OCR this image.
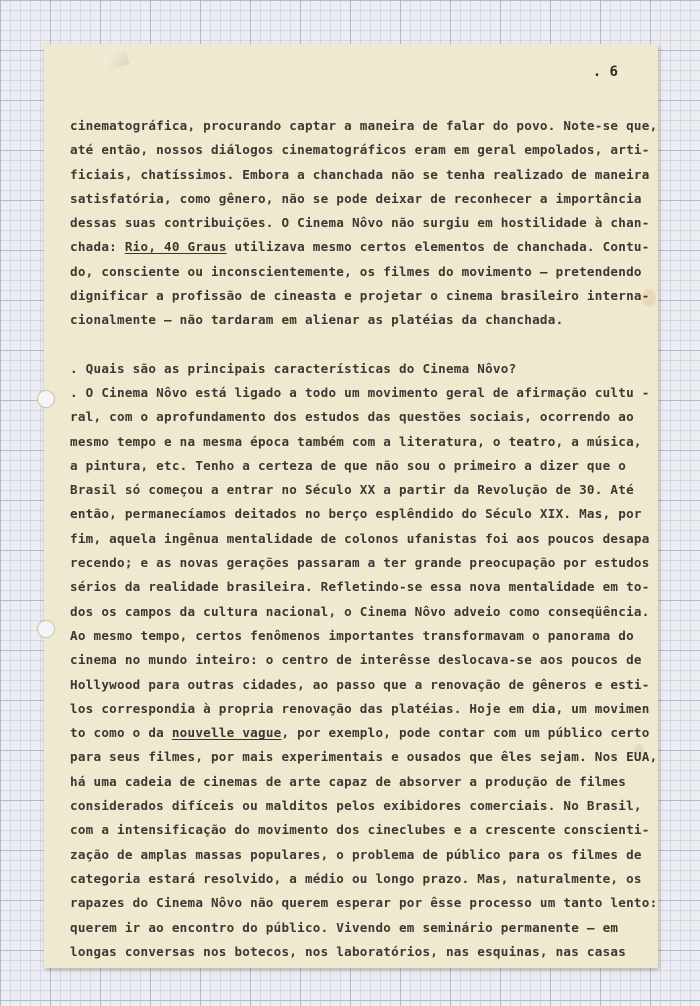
. 6
cinematográfica, procurando captar a maneira de falar do povo. Note-se que,
até então, nossos diálogos cinematográficos eram em geral empolados, arti-
ficiais, chatíssimos. Embora a chanchada não se tenha realizado de maneira
satisfatória, como gênero, não se pode deixar de reconhecer a importância
dessas suas contribuições. O Cinema Nôvo não surgiu em hostilidade à chan-
chada: Rio, 40 Graus utilizava mesmo certos elementos de chanchada. Contu-
do, consciente ou inconscientemente, os filmes do movimento — pretendendo
dignificar a profissão de cineasta e projetar o cinema brasileiro interna-
cionalmente — não tardaram em alienar as platéias da chanchada.
. Quais são as principais características do Cinema Nôvo?
. O Cinema Nôvo está ligado a todo um movimento geral de afirmação cultu -
ral, com o aprofundamento dos estudos das questões sociais, ocorrendo ao
mesmo tempo e na mesma época também com a literatura, o teatro, a música,
a pintura, etc. Tenho a certeza de que não sou o primeiro a dizer que o
Brasil só começou a entrar no Século XX a partir da Revolução de 30. Até
então, permanecíamos deitados no berço esplêndido do Século XIX. Mas, por
fim, aquela ingênua mentalidade de colonos ufanistas foi aos poucos desapa
recendo; e as novas gerações passaram a ter grande preocupação por estudos
sérios da realidade brasileira. Refletindo-se essa nova mentalidade em to-
dos os campos da cultura nacional, o Cinema Nôvo adveio como conseqüência.
Ao mesmo tempo, certos fenômenos importantes transformavam o panorama do
cinema no mundo inteiro: o centro de interêsse deslocava-se aos poucos de
Hollywood para outras cidades, ao passo que a renovação de gêneros e esti-
los correspondia à propria renovação das platéias. Hoje em dia, um movimen
to como o da nouvelle vague, por exemplo, pode contar com um público certo
para seus filmes, por mais experimentais e ousados que êles sejam. Nos EUA,
há uma cadeia de cinemas de arte capaz de absorver a produção de filmes
considerados difíceis ou malditos pelos exibidores comerciais. No Brasil,
com a intensificação do movimento dos cineclubes e a crescente conscienti-
zação de amplas massas populares, o problema de público para os filmes de
categoria estará resolvido, a médio ou longo prazo. Mas, naturalmente, os
rapazes do Cinema Nôvo não querem esperar por êsse processo um tanto lento:
querem ir ao encontro do público. Vivendo em seminário permanente — em
longas conversas nos botecos, nos laboratórios, nas esquinas, nas casas
